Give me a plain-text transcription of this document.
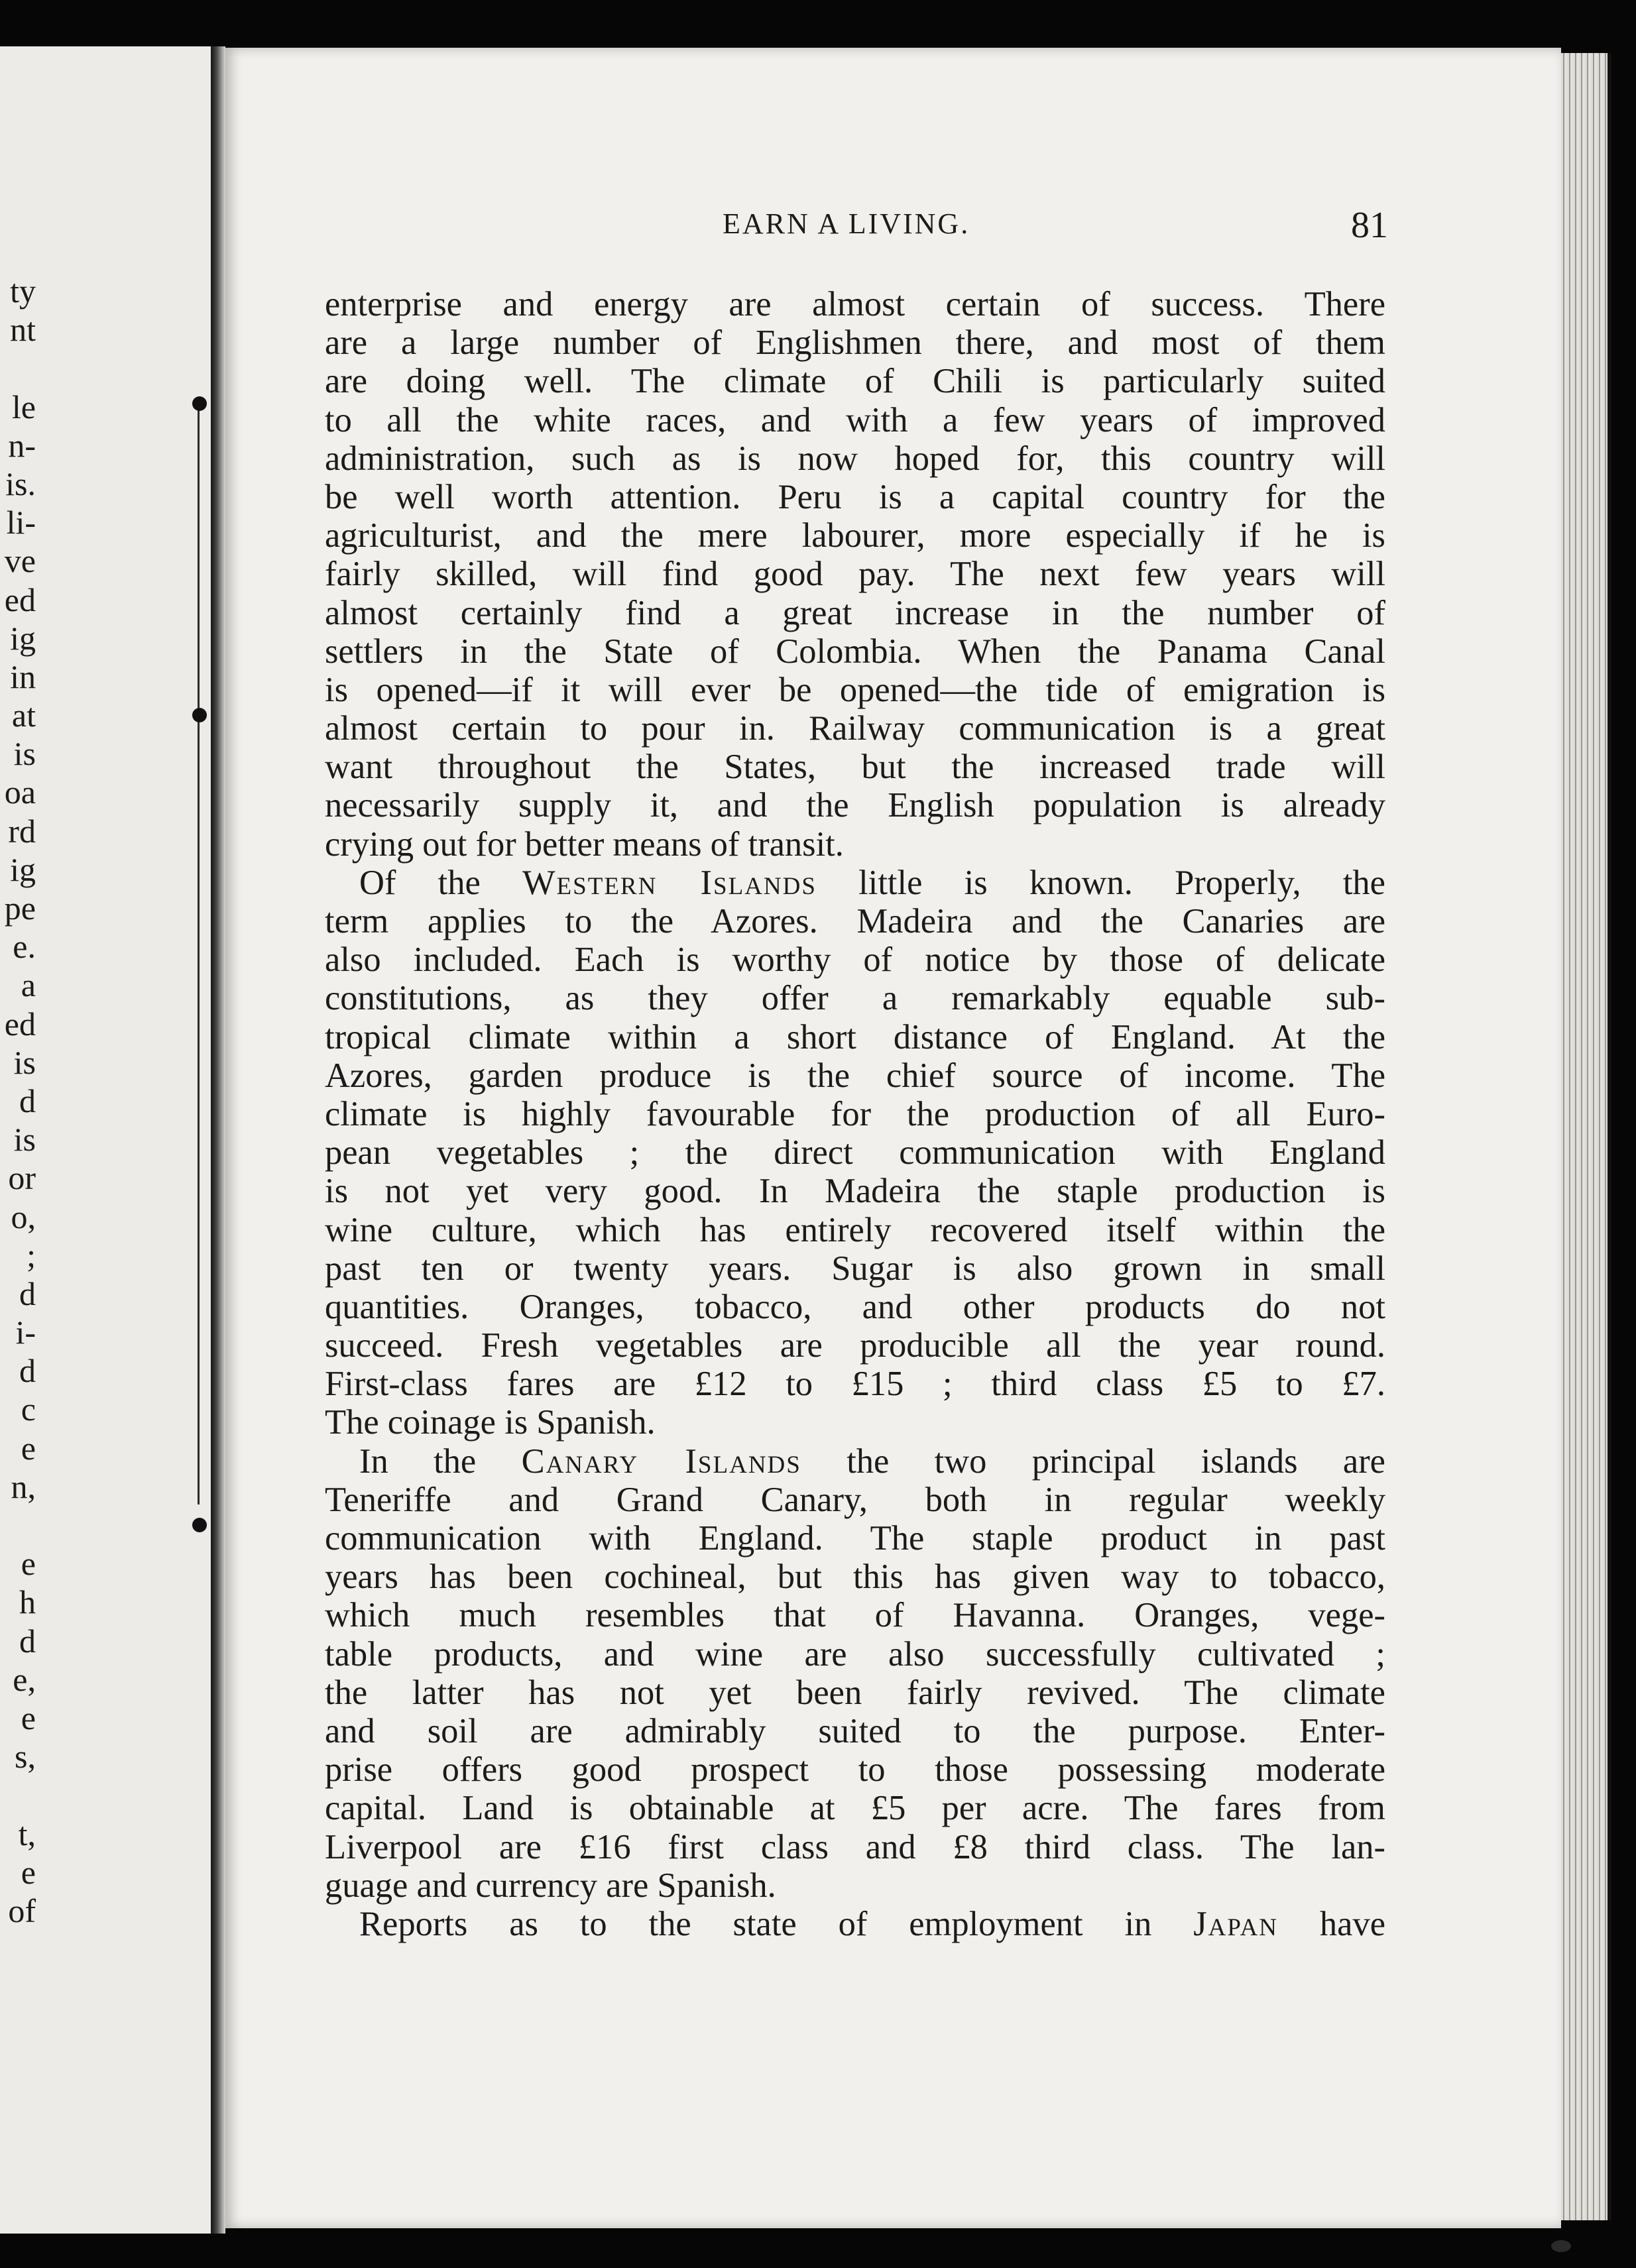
ty
nt
le
n-
is.
li-
ve
ed
ig
in
at
is
oa
rd
ig
pe
e.
a
ed
is
d
is
or
o,
;
d
i-
d
c
e
n,
e
h
d
e,
e
s,
t,
e
of
EARN A LIVING.	81
enterprise and energy are almost certain of success. There
are a large number of Englishmen there, and most of them
are doing well. The climate of Chili is particularly suited
to all the white races, and with a few years of improved
administration, such as is now hoped for, this country will
be well worth attention. Peru is a capital country for the
agriculturist, and the mere labourer, more especially if he is
fairly skilled, will find good pay. The next few years will
almost certainly find a great increase in the number of
settlers in the State of Colombia. When the Panama Canal
is opened—if it will ever be opened—the tide of emigration is
almost certain to pour in. Railway communication is a great
want throughout the States, but the increased trade will
necessarily supply it, and the English population is already
crying out for better means of transit.
Of the Western Islands little is known. Properly, the
term applies to the Azores. Madeira and the Canaries are
also included. Each is worthy of notice by those of delicate
constitutions, as they offer a remarkably equable sub-
tropical climate within a short distance of England. At the
Azores, garden produce is the chief source of income. The
climate is highly favourable for the production of all Euro-
pean vegetables ; the direct communication with England
is not yet very good. In Madeira the staple production is
wine culture, which has entirely recovered itself within the
past ten or twenty years. Sugar is also grown in small
quantities. Oranges, tobacco, and other products do not
succeed. Fresh vegetables are producible all the year round.
First-class fares are £12 to £15 ; third class £5 to £7.
The coinage is Spanish.
In the Canary Islands the two principal islands are
Teneriffe and Grand Canary, both in regular weekly
communication with England. The staple product in past
years has been cochineal, but this has given way to tobacco,
which much resembles that of Havanna. Oranges, vege-
table products, and wine are also successfully cultivated ;
the latter has not yet been fairly revived. The climate
and soil are admirably suited to the purpose. Enter-
prise offers good prospect to those possessing moderate
capital. Land is obtainable at £5 per acre. The fares from
Liverpool are £16 first class and £8 third class. The lan-
guage and currency are Spanish.
Reports as to the state of employment in Japan have
